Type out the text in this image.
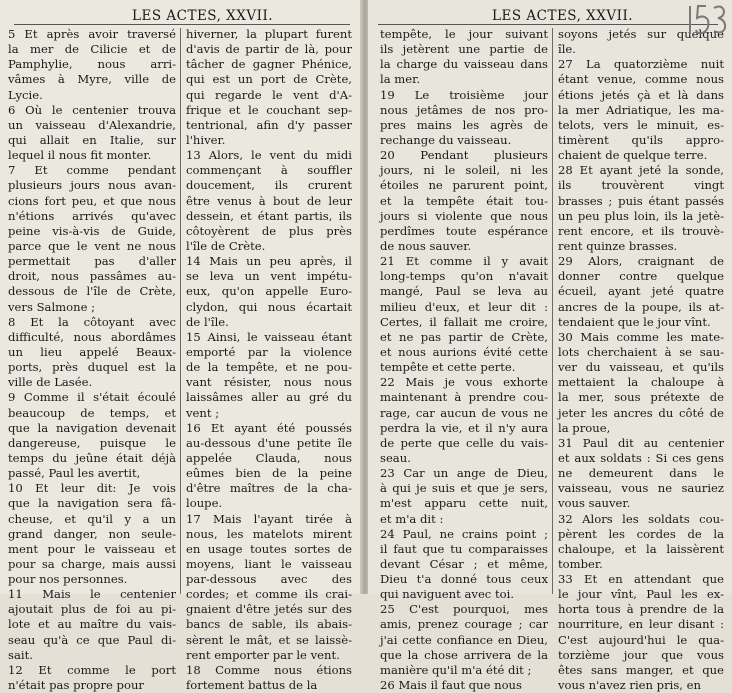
LES ACTES, XXVII.
5 Et après avoir traversé
la mer de Cilicie et de
Pamphylie, nous arri-
vâmes à Myre, ville de
Lycie.
6 Où le centenier trouva
un vaisseau d'Alexandrie,
qui allait en Italie, sur
lequel il nous fit monter.
7 Et comme pendant
plusieurs jours nous avan-
cions fort peu, et que nous
n'étions arrivés qu'avec
peine vis-à-vis de Guide,
parce que le vent ne nous
permettait pas d'aller
droit, nous passâmes au-
dessous de l'île de Crète,
vers Salmone ;
8 Et la côtoyant avec
difficulté, nous abordâmes
un lieu appelé Beaux-
ports, près duquel est la
ville de Lasée.
9 Comme il s'était écoulé
beaucoup de temps, et
que la navigation devenait
dangereuse, puisque le
temps du jeûne était déjà
passé, Paul les avertit,
10 Et leur dit: Je vois
que la navigation sera fâ-
cheuse, et qu'il y a un
grand danger, non seule-
ment pour le vaisseau et
pour sa charge, mais aussi
pour nos personnes.
11 Mais le centenier
ajoutait plus de foi au pi-
lote et au maître du vais-
seau qu'à ce que Paul di-
sait.
12 Et comme le port
n'était pas propre pour
hiverner, la plupart furent
d'avis de partir de là, pour
tâcher de gagner Phénice,
qui est un port de Crète,
qui regarde le vent d'A-
frique et le couchant sep-
tentrional, afin d'y passer
l'hiver.
13 Alors, le vent du midi
commençant à souffler
doucement, ils crurent
être venus à bout de leur
dessein, et étant partis, ils
côtoyèrent de plus près
l'île de Crète.
14 Mais un peu après, il
se leva un vent impétu-
eux, qu'on appelle Euro-
clydon, qui nous écartait
de l'île.
15 Ainsi, le vaisseau étant
emporté par la violence
de la tempête, et ne pou-
vant résister, nous nous
laissâmes aller au gré du
vent ;
16 Et ayant été poussés
au-dessous d'une petite île
appelée Clauda, nous
eûmes bien de la peine
d'être maîtres de la cha-
loupe.
17 Mais l'ayant tirée à
nous, les matelots mirent
en usage toutes sortes de
moyens, liant le vaisseau
par-dessous avec des
cordes; et comme ils crai-
gnaient d'être jetés sur des
bancs de sable, ils abais-
sèrent le mât, et se laissè-
rent emporter par le vent.
18 Comme nous étions
fortement battus de la
LES ACTES, XXVII.
tempête, le jour suivant
ils jetèrent une partie de
la charge du vaisseau dans
la mer.
19 Le troisième jour
nous jetâmes de nos pro-
pres mains les agrès de
rechange du vaisseau.
20 Pendant plusieurs
jours, ni le soleil, ni les
étoiles ne parurent point,
et la tempête était tou-
jours si violente que nous
perdîmes toute espérance
de nous sauver.
21 Et comme il y avait
long-temps qu'on n'avait
mangé, Paul se leva au
milieu d'eux, et leur dit :
Certes, il fallait me croire,
et ne pas partir de Crète,
et nous aurions évité cette
tempête et cette perte.
22 Mais je vous exhorte
maintenant à prendre cou-
rage, car aucun de vous ne
perdra la vie, et il n'y aura
de perte que celle du vais-
seau.
23 Car un ange de Dieu,
à qui je suis et que je sers,
m'est apparu cette nuit,
et m'a dit :
24 Paul, ne crains point ;
il faut que tu comparaisses
devant César ; et même,
Dieu t'a donné tous ceux
qui naviguent avec toi.
25 C'est pourquoi, mes
amis, prenez courage ; car
j'ai cette confiance en Dieu,
que la chose arrivera de la
manière qu'il m'a été dit ;
26 Mais il faut que nous
soyons jetés sur quelque
île.
27 La quatorzième nuit
étant venue, comme nous
étions jetés çà et là dans
la mer Adriatique, les ma-
telots, vers le minuit, es-
timèrent qu'ils appro-
chaient de quelque terre.
28 Et ayant jeté la sonde,
ils trouvèrent vingt
brasses ; puis étant passés
un peu plus loin, ils la jetè-
rent encore, et ils trouvè-
rent quinze brasses.
29 Alors, craignant de
donner contre quelque
écueil, ayant jeté quatre
ancres de la poupe, ils at-
tendaient que le jour vînt.
30 Mais comme les mate-
lots cherchaient à se sau-
ver du vaisseau, et qu'ils
mettaient la chaloupe à
la mer, sous prétexte de
jeter les ancres du côté de
la proue,
31 Paul dit au centenier
et aux soldats : Si ces gens
ne demeurent dans le
vaisseau, vous ne sauriez
vous sauver.
32 Alors les soldats cou-
pèrent les cordes de la
chaloupe, et la laissèrent
tomber.
33 Et en attendant que
le jour vînt, Paul les ex-
horta tous à prendre de la
nourriture, en leur disant :
C'est aujourd'hui le qua-
torzième jour que vous
êtes sans manger, et que
vous n'avez rien pris, en
